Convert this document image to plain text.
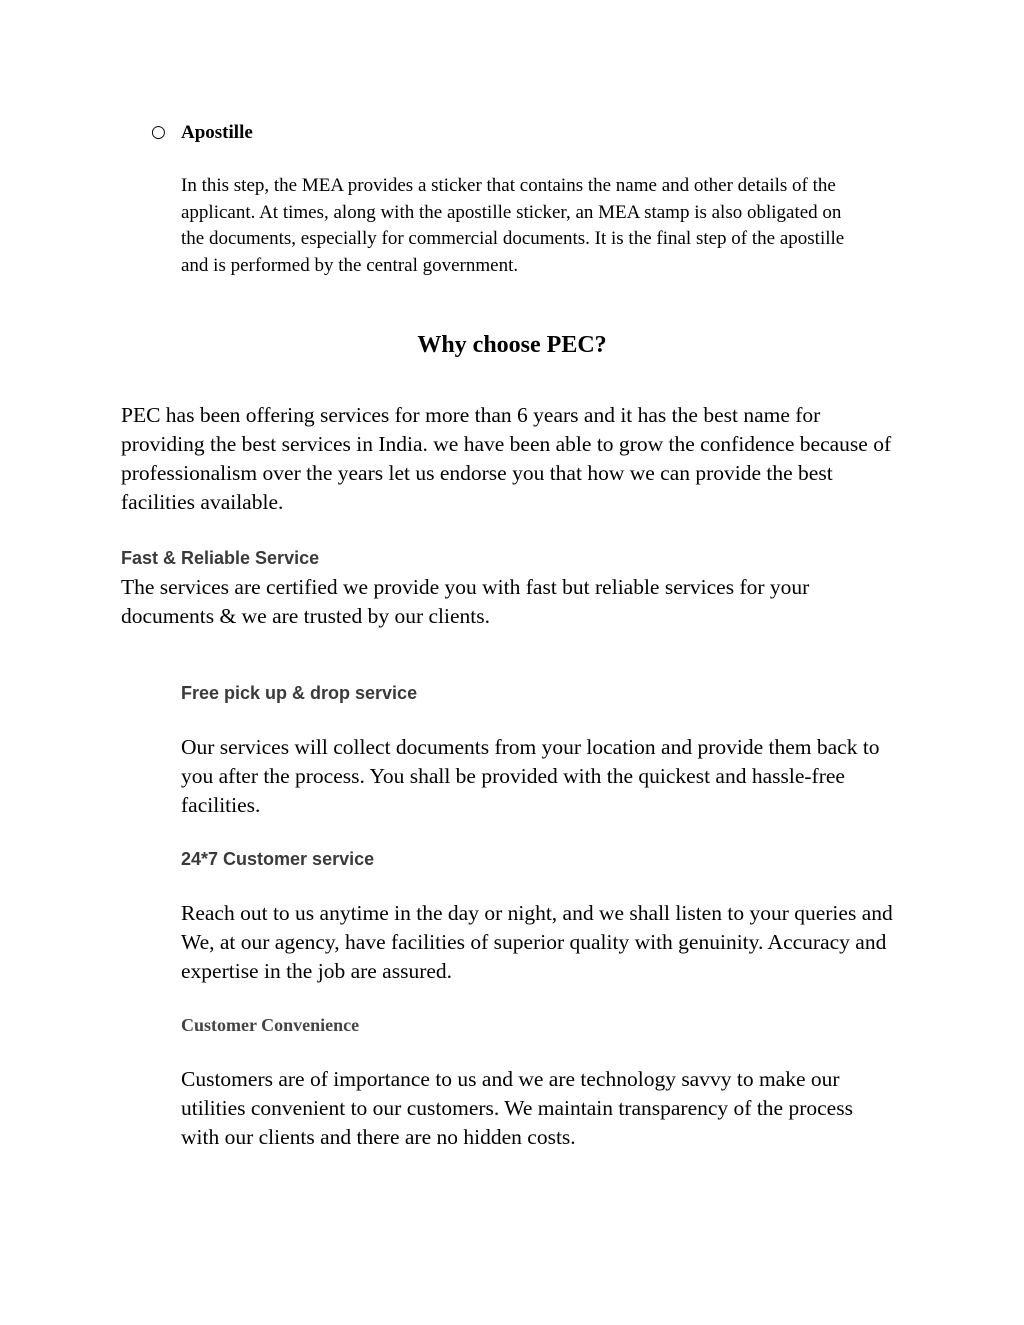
○ Apostille
In this step, the MEA provides a sticker that contains the name and other details of the
applicant. At times, along with the apostille sticker, an MEA stamp is also obligated on
the documents, especially for commercial documents. It is the final step of the apostille
and is performed by the central government.
Why choose PEC?
PEC has been offering services for more than 6 years and it has the best name for
providing the best services in India. we have been able to grow the confidence because of
professionalism over the years let us endorse you that how we can provide the best
facilities available.
Fast & Reliable Service
The services are certified we provide you with fast but reliable services for your
documents & we are trusted by our clients.
Free pick up & drop service
Our services will collect documents from your location and provide them back to
you after the process. You shall be provided with the quickest and hassle-free
facilities.
24*7 Customer service
Reach out to us anytime in the day or night, and we shall listen to your queries and
We, at our agency, have facilities of superior quality with genuinity. Accuracy and
expertise in the job are assured.
Customer Convenience
Customers are of importance to us and we are technology savvy to make our
utilities convenient to our customers. We maintain transparency of the process
with our clients and there are no hidden costs.
